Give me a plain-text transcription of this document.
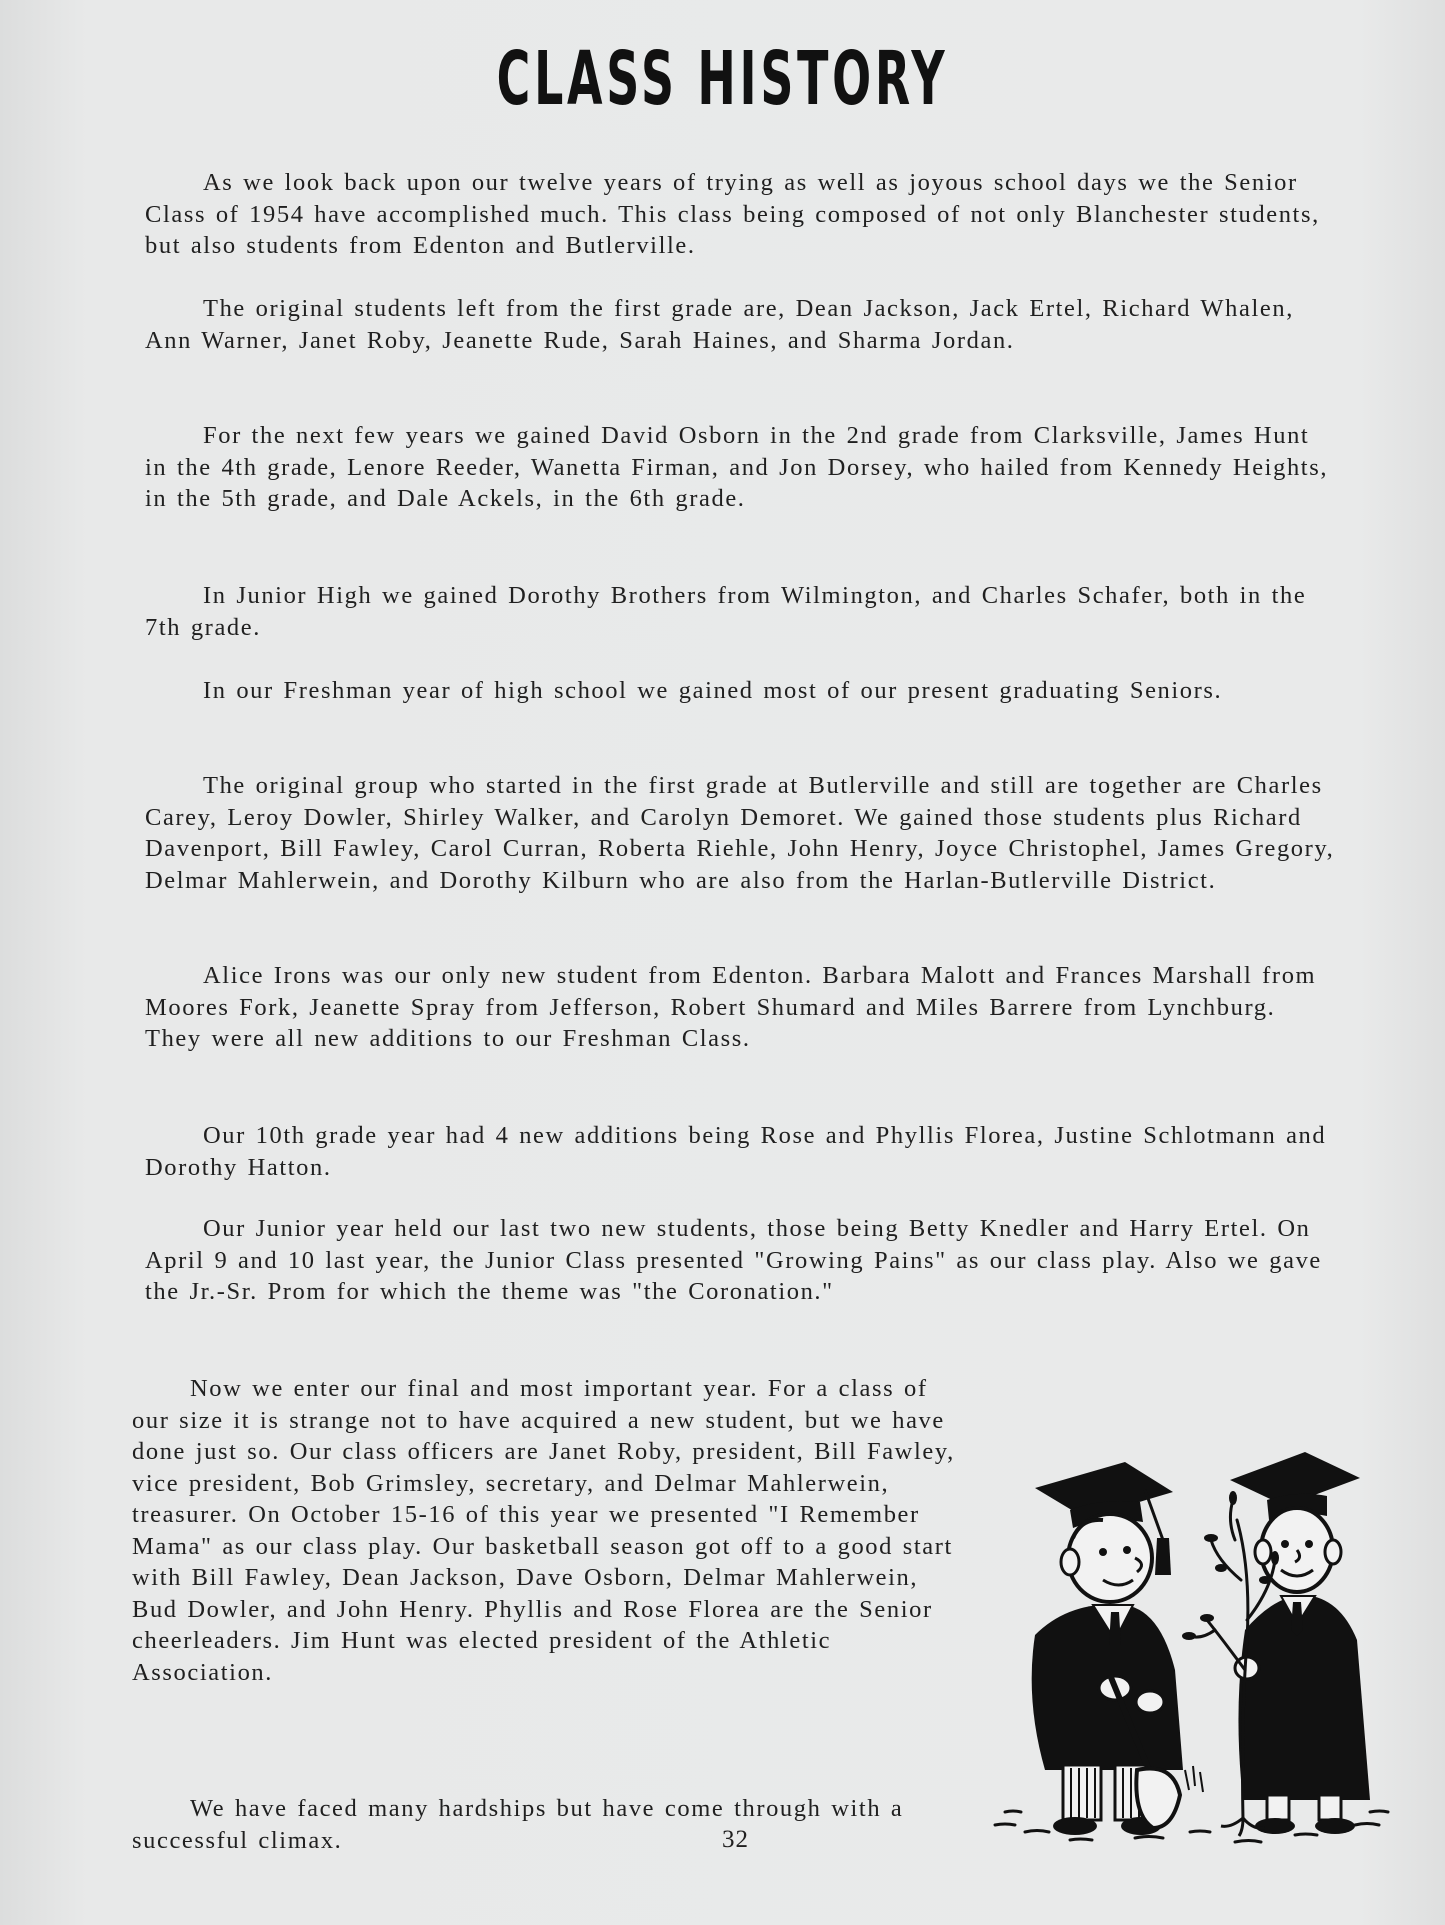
CLASS HISTORY

As we look back upon our twelve years of trying as well as joyous school days we the Senior Class of 1954 have accomplished much. This class being composed of not only Blanchester students, but also students from Edenton and Butlerville.

The original students left from the first grade are, Dean Jackson, Jack Ertel, Richard Whalen, Ann Warner, Janet Roby, Jeanette Rude, Sarah Haines, and Sharma Jordan.

For the next few years we gained David Osborn in the 2nd grade from Clarksville, James Hunt in the 4th grade, Lenore Reeder, Wanetta Firman, and Jon Dorsey, who hailed from Kennedy Heights, in the 5th grade, and Dale Ackels, in the 6th grade.

In Junior High we gained Dorothy Brothers from Wilmington, and Charles Schafer, both in the 7th grade.

In our Freshman year of high school we gained most of our present graduating Seniors.

The original group who started in the first grade at Butlerville and still are together are Charles Carey, Leroy Dowler, Shirley Walker, and Carolyn Demoret. We gained those students plus Richard Davenport, Bill Fawley, Carol Curran, Roberta Riehle, John Henry, Joyce Christophel, James Gregory, Delmar Mahlerwein, and Dorothy Kilburn who are also from the Harlan-Butlerville District.

Alice Irons was our only new student from Edenton. Barbara Malott and Frances Marshall from Moores Fork, Jeanette Spray from Jefferson, Robert Shumard and Miles Barrere from Lynchburg. They were all new additions to our Freshman Class.

Our 10th grade year had 4 new additions being Rose and Phyllis Florea, Justine Schlotmann and Dorothy Hatton.

Our Junior year held our last two new students, those being Betty Knedler and Harry Ertel. On April 9 and 10 last year, the Junior Class presented "Growing Pains" as our class play. Also we gave the Jr.-Sr. Prom for which the theme was "the Coronation."

Now we enter our final and most important year. For a class of our size it is strange not to have acquired a new student, but we have done just so. Our class officers are Janet Roby, president, Bill Fawley, vice president, Bob Grimsley, secretary, and Delmar Mahlerwein, treasurer. On October 15-16 of this year we presented "I Remember Mama" as our class play. Our basketball season got off to a good start with Bill Fawley, Dean Jackson, Dave Osborn, Delmar Mahlerwein, Bud Dowler, and John Henry. Phyllis and Rose Florea are the Senior cheerleaders. Jim Hunt was elected president of the Athletic Association.

We have faced many hardships but have come through with a successful climax.	32
